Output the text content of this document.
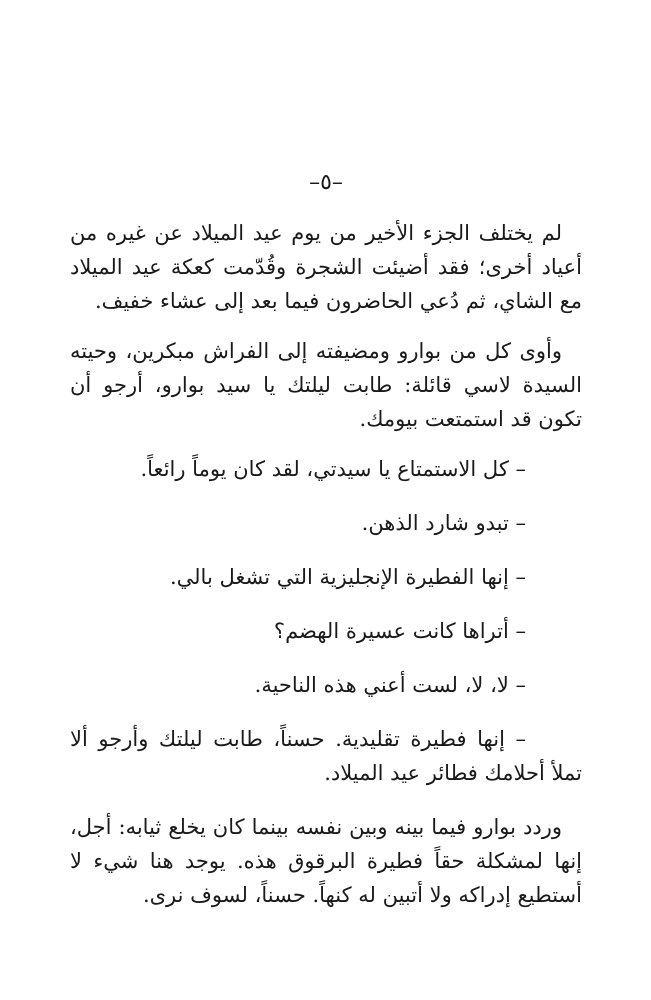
–٥–

لم يختلف الجزء الأخير من يوم عيد الميلاد عن غيره من أعياد أخرى؛ فقد أضيئت الشجرة وقُدّمت كعكة عيد الميلاد مع الشاي، ثم دُعي الحاضرون فيما بعد إلى عشاء خفيف.

وأوى كل من بوارو ومضيفته إلى الفراش مبكرين، وحيته السيدة لاسي قائلة: طابت ليلتك يا سيد بوارو، أرجو أن تكون قد استمتعت بيومك.

– كل الاستمتاع يا سيدتي، لقد كان يوماً رائعاً.

– تبدو شارد الذهن.

– إنها الفطيرة الإنجليزية التي تشغل بالي.

– أتراها كانت عسيرة الهضم؟

– لا، لا، لست أعني هذه الناحية.

– إنها فطيرة تقليدية. حسناً، طابت ليلتك وأرجو ألا تملأ أحلامك فطائر عيد الميلاد.

وردد بوارو فيما بينه وبين نفسه بينما كان يخلع ثيابه: أجل، إنها لمشكلة حقاً فطيرة البرقوق هذه. يوجد هنا شيء لا أستطيع إدراكه ولا أتبين له كنهاً. حسناً، لسوف نرى.
